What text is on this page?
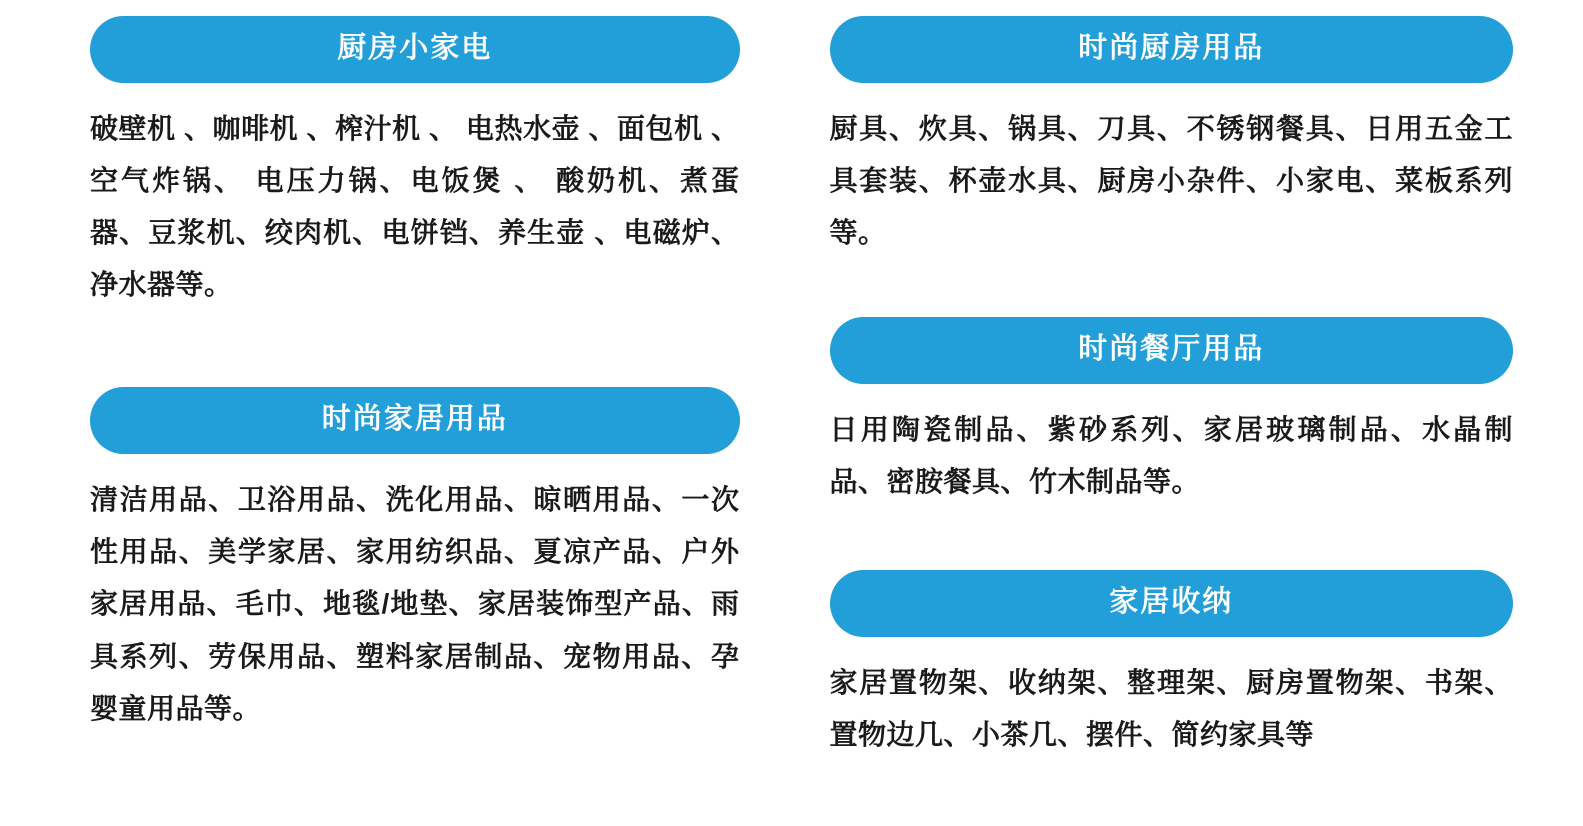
厨房小家电
破壁机 、咖啡机 、榨汁机 、 电热水壶 、面包机 、空气炸锅、 电压力锅、电饭煲 、 酸奶机、煮蛋器、豆浆机、绞肉机、电饼铛、养生壶 、电磁炉、净水器等。
时尚家居用品
清洁用品、卫浴用品、洗化用品、晾晒用品、一次性用品、美学家居、家用纺织品、夏凉产品、户外家居用品、毛巾、地毯/地垫、家居装饰型产品、雨具系列、劳保用品、塑料家居制品、宠物用品、孕婴童用品等。
时尚厨房用品
厨具、炊具、锅具、刀具、不锈钢餐具、日用五金工具套装、杯壶水具、厨房小杂件、小家电、菜板系列等。
时尚餐厅用品
日用陶瓷制品、紫砂系列、家居玻璃制品、水晶制品、密胺餐具、竹木制品等。
家居收纳
家居置物架、收纳架、整理架、厨房置物架、书架、置物边几、小茶几、摆件、简约家具等
